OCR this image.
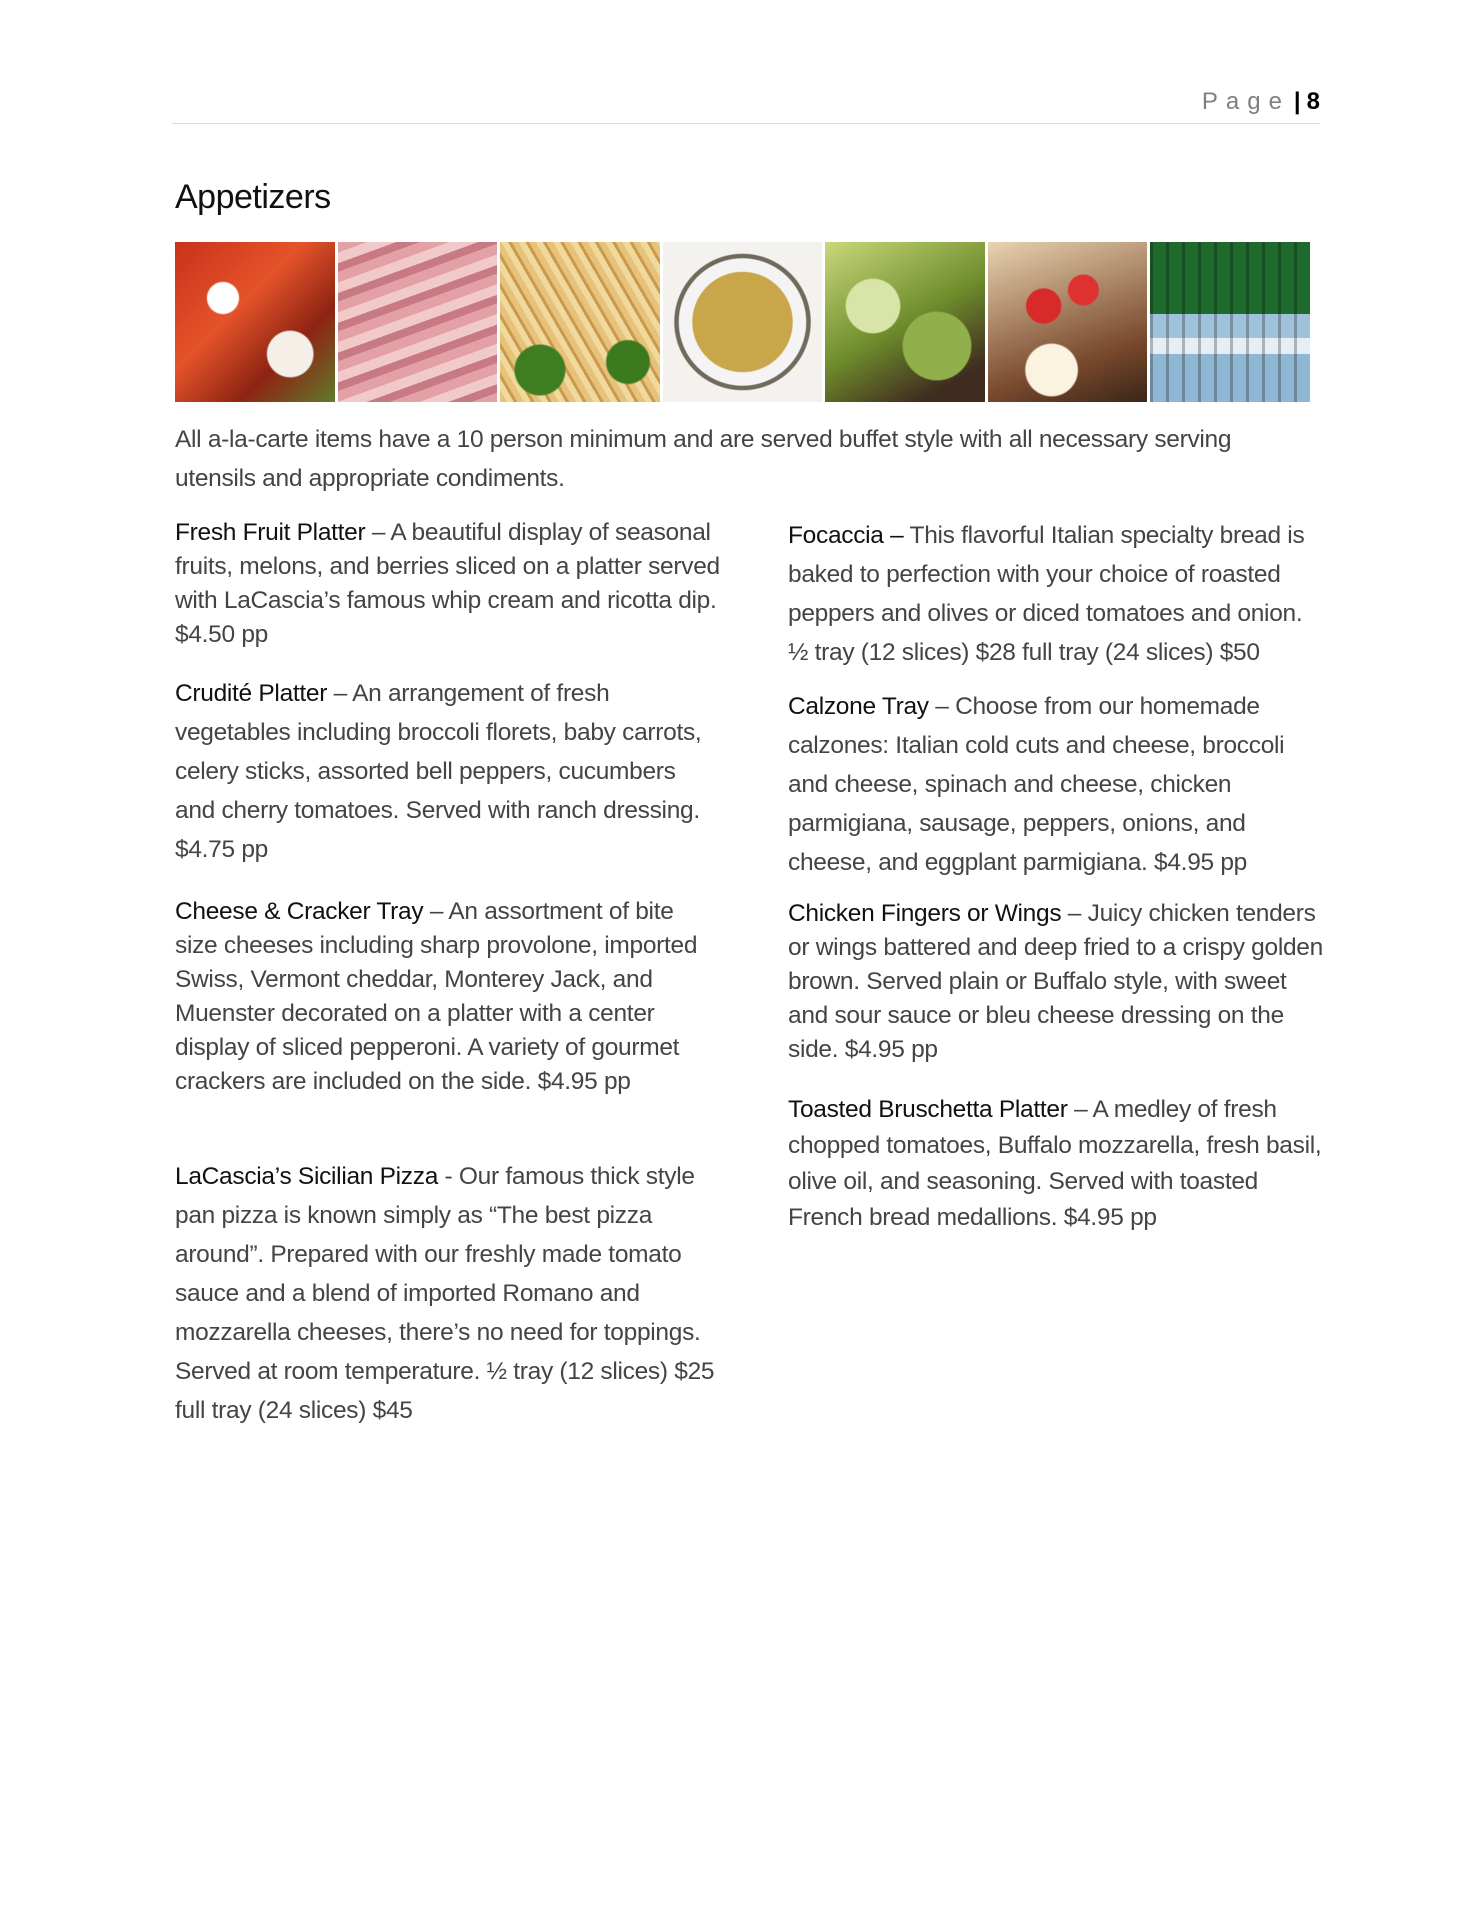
Page | 8
Appetizers

All a-la-carte items have a 10 person minimum and are served buffet style with all necessary serving utensils and appropriate condiments.

Fresh Fruit Platter – A beautiful display of seasonal fruits, melons, and berries sliced on a platter served with LaCascia’s famous whip cream and ricotta dip. $4.50 pp

Crudité Platter – An arrangement of fresh vegetables including broccoli florets, baby carrots, celery sticks, assorted bell peppers, cucumbers and cherry tomatoes. Served with ranch dressing. $4.75 pp

Cheese & Cracker Tray – An assortment of bite size cheeses including sharp provolone, imported Swiss, Vermont cheddar, Monterey Jack, and Muenster decorated on a platter with a center display of sliced pepperoni. A variety of gourmet crackers are included on the side. $4.95 pp

LaCascia’s Sicilian Pizza - Our famous thick style pan pizza is known simply as “The best pizza around”. Prepared with our freshly made tomato sauce and a blend of imported Romano and mozzarella cheeses, there’s no need for toppings. Served at room temperature. ½ tray (12 slices) $25 full tray (24 slices) $45

Focaccia – This flavorful Italian specialty bread is baked to perfection with your choice of roasted peppers and olives or diced tomatoes and onion. ½ tray (12 slices) $28 full tray (24 slices) $50

Calzone Tray – Choose from our homemade calzones: Italian cold cuts and cheese, broccoli and cheese, spinach and cheese, chicken parmigiana, sausage, peppers, onions, and cheese, and eggplant parmigiana. $4.95 pp

Chicken Fingers or Wings – Juicy chicken tenders or wings battered and deep fried to a crispy golden brown. Served plain or Buffalo style, with sweet and sour sauce or bleu cheese dressing on the side. $4.95 pp

Toasted Bruschetta Platter – A medley of fresh chopped tomatoes, Buffalo mozzarella, fresh basil, olive oil, and seasoning. Served with toasted French bread medallions. $4.95 pp
